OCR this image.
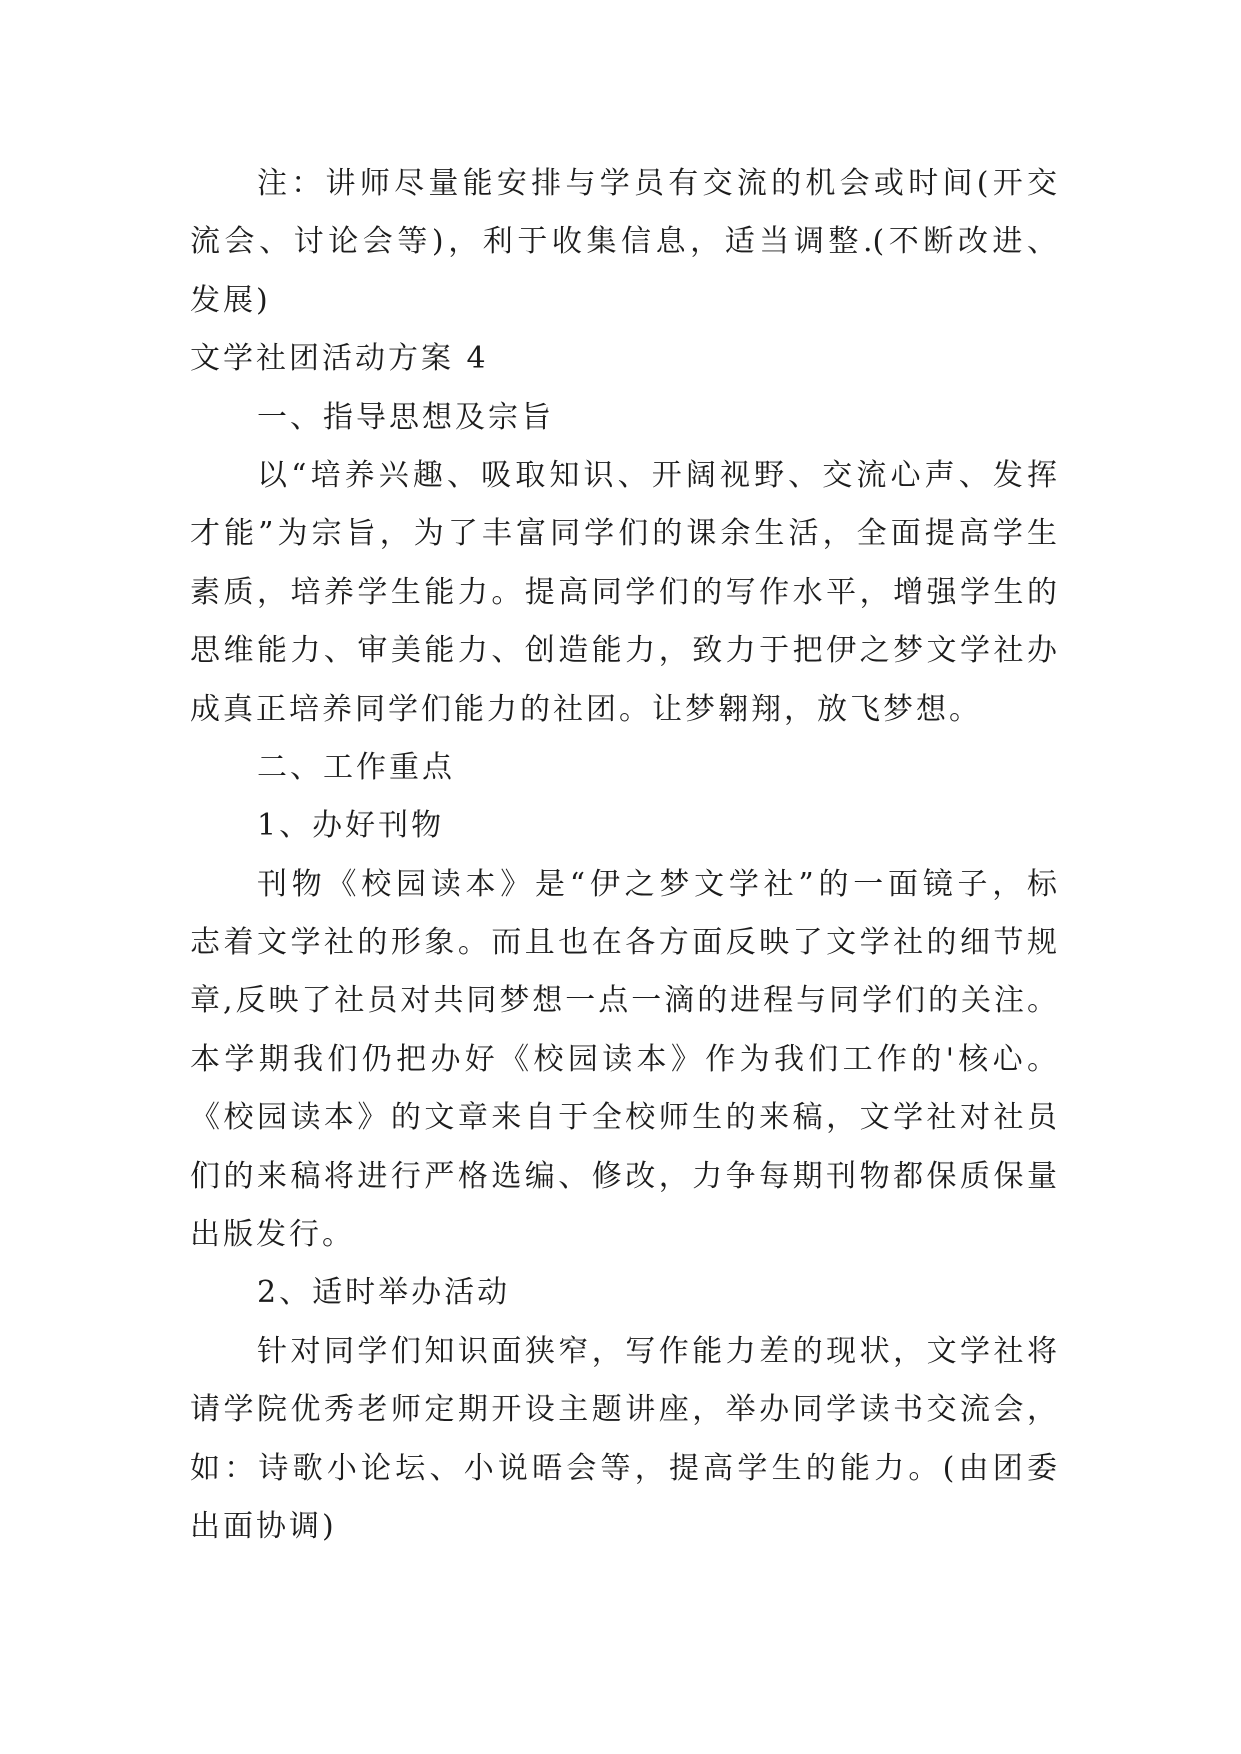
注：讲师尽量能安排与学员有交流的机会或时间(开交
流会、讨论会等)，利于收集信息，适当调整.(不断改进、
发展)
文学社团活动方案 4
一、指导思想及宗旨
以“培养兴趣、吸取知识、开阔视野、交流心声、发挥
才能”为宗旨，为了丰富同学们的课余生活，全面提高学生
素质，培养学生能力。提高同学们的写作水平，增强学生的
思维能力、审美能力、创造能力，致力于把伊之梦文学社办
成真正培养同学们能力的社团。让梦翱翔，放飞梦想。
二、工作重点
1、办好刊物
刊物《校园读本》是“伊之梦文学社”的一面镜子，标
志着文学社的形象。而且也在各方面反映了文学社的细节规
章,反映了社员对共同梦想一点一滴的进程与同学们的关注。
本学期我们仍把办好《校园读本》作为我们工作的'核心。
《校园读本》的文章来自于全校师生的来稿，文学社对社员
们的来稿将进行严格选编、修改，力争每期刊物都保质保量
出版发行。
2、适时举办活动
针对同学们知识面狭窄，写作能力差的现状，文学社将
请学院优秀老师定期开设主题讲座，举办同学读书交流会，
如：诗歌小论坛、小说晤会等，提高学生的能力。(由团委
出面协调)
